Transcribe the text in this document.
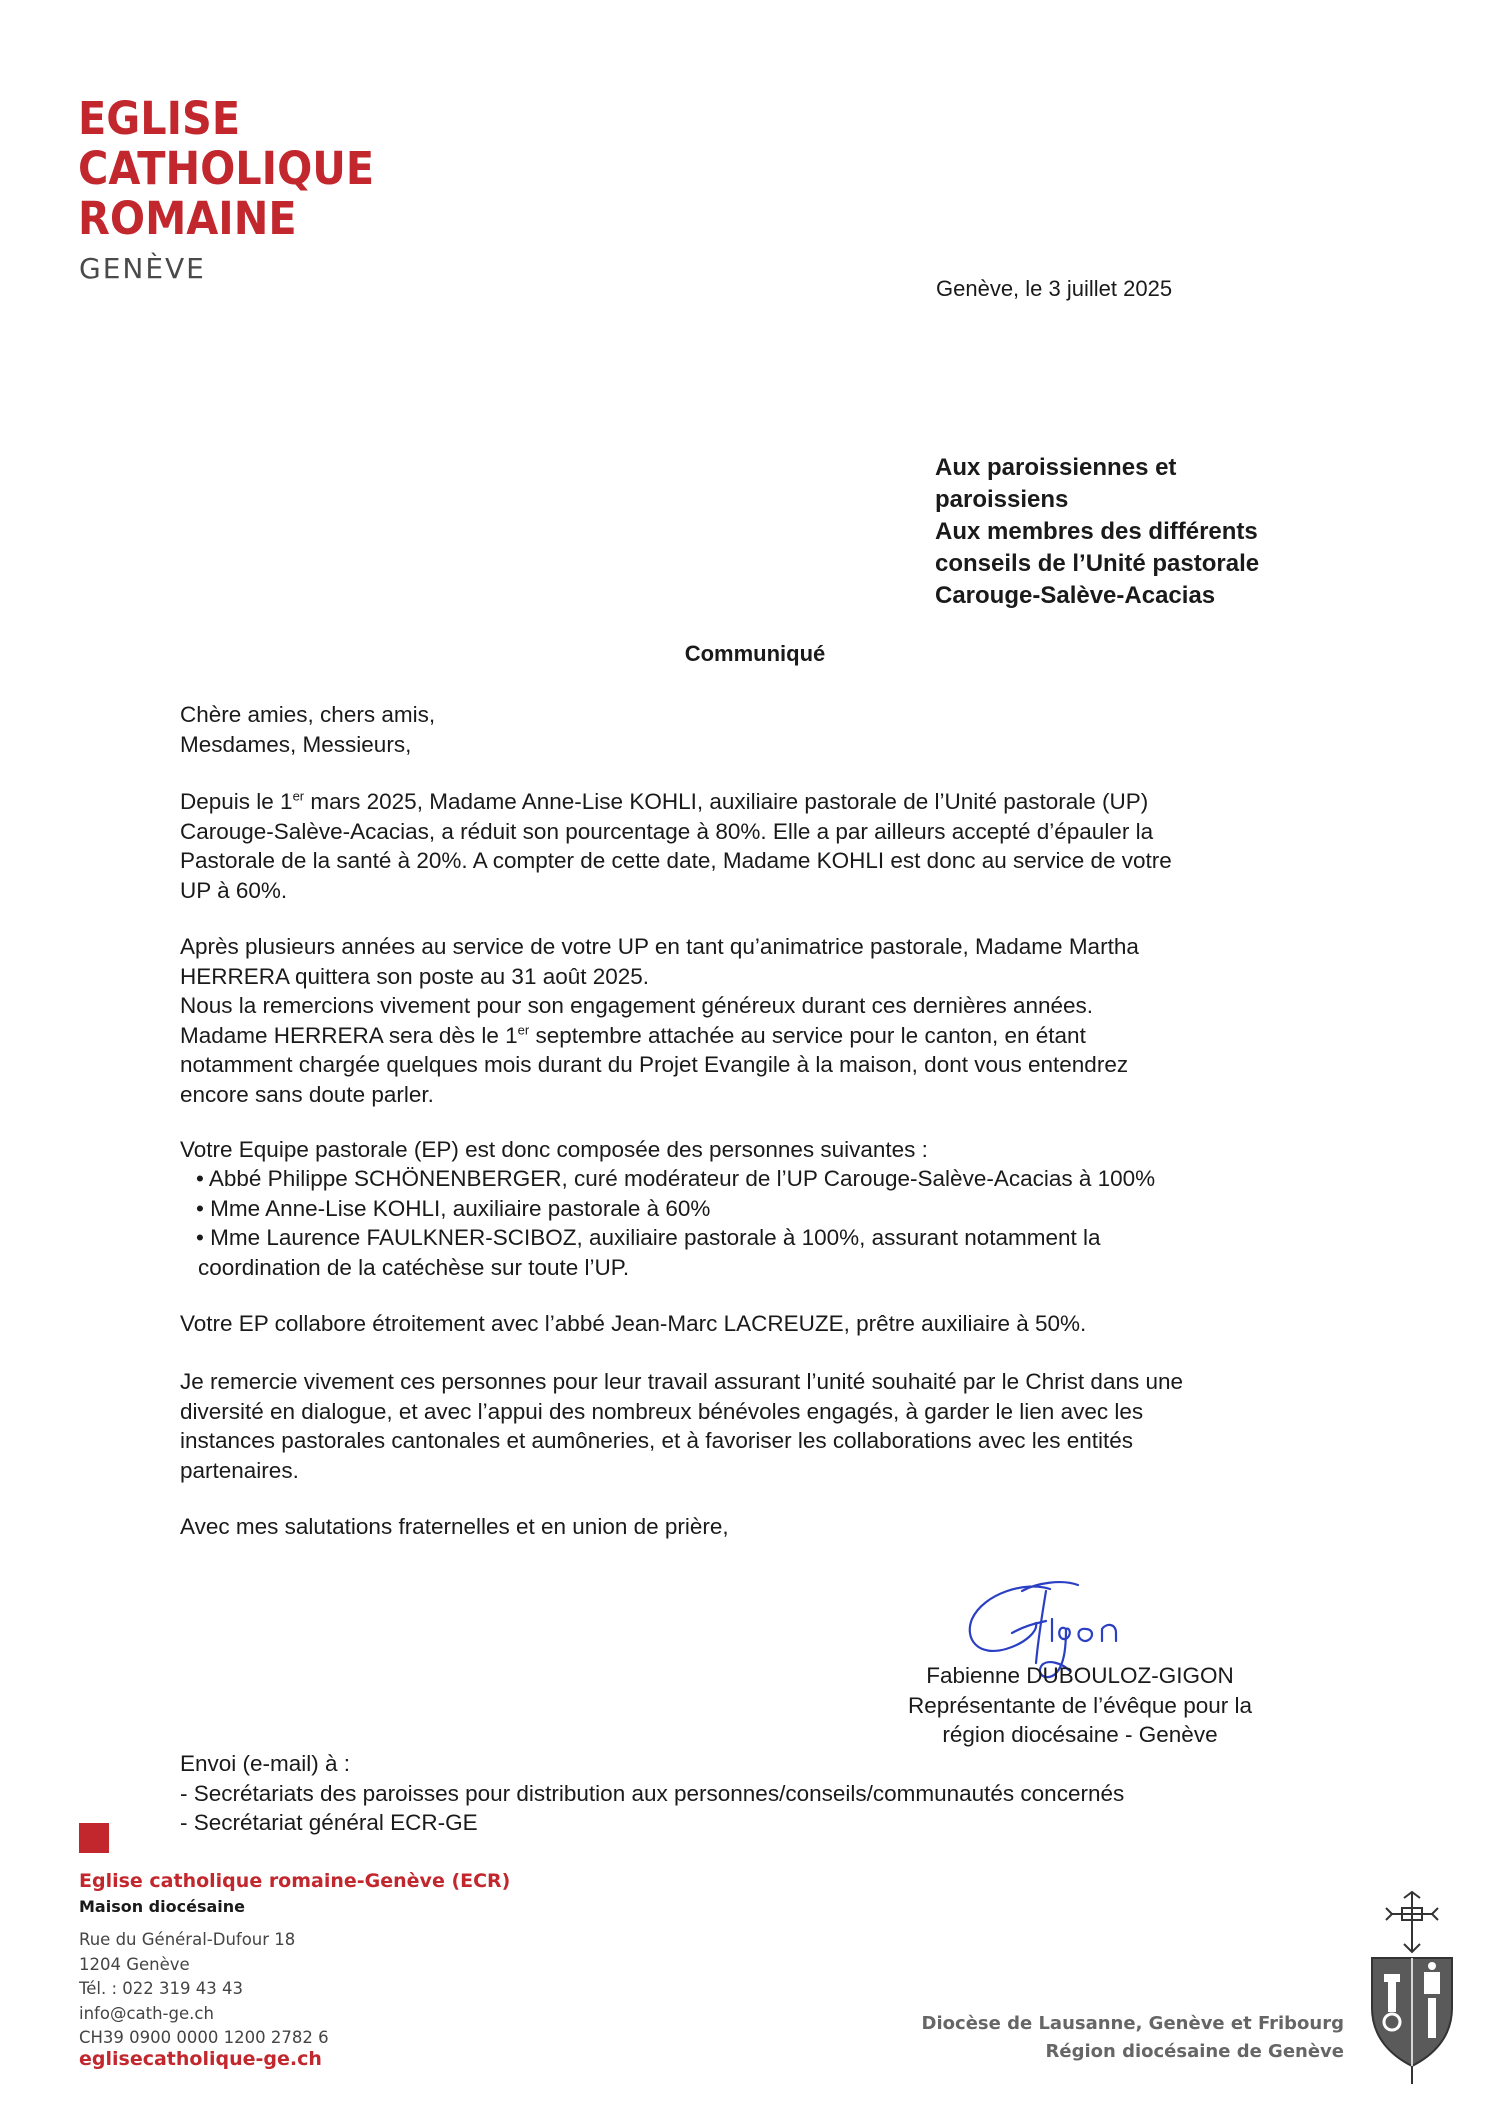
EGLISE
CATHOLIQUE
ROMAINE
GENÈVE
Genève, le 3 juillet 2025
Aux paroissiennes et
paroissiens
Aux membres des différents
conseils de l’Unité pastorale
Carouge-Salève-Acacias
Communiqué
Chère amies, chers amis,
Mesdames, Messieurs,
Depuis le 1er mars 2025, Madame Anne-Lise KOHLI, auxiliaire pastorale de l’Unité pastorale (UP)
Carouge-Salève-Acacias, a réduit son pourcentage à 80%. Elle a par ailleurs accepté d’épauler la
Pastorale de la santé à 20%. A compter de cette date, Madame KOHLI est donc au service de votre
UP à 60%.
Après plusieurs années au service de votre UP en tant qu’animatrice pastorale, Madame Martha
HERRERA quittera son poste au 31 août 2025.
Nous la remercions vivement pour son engagement généreux durant ces dernières années.
Madame HERRERA sera dès le 1er septembre attachée au service pour le canton, en étant
notamment chargée quelques mois durant du Projet Evangile à la maison, dont vous entendrez
encore sans doute parler.
Votre Equipe pastorale (EP) est donc composée des personnes suivantes :
• Abbé Philippe SCHÖNENBERGER, curé modérateur de l’UP Carouge-Salève-Acacias à 100%
• Mme Anne-Lise KOHLI, auxiliaire pastorale à 60%
• Mme Laurence FAULKNER-SCIBOZ, auxiliaire pastorale à 100%, assurant notamment la
coordination de la catéchèse sur toute l’UP.
Votre EP collabore étroitement avec l’abbé Jean-Marc LACREUZE, prêtre auxiliaire à 50%.
Je remercie vivement ces personnes pour leur travail assurant l’unité souhaité par le Christ dans une
diversité en dialogue, et avec l’appui des nombreux bénévoles engagés, à garder le lien avec les
instances pastorales cantonales et aumôneries, et à favoriser les collaborations avec les entités
partenaires.
Avec mes salutations fraternelles et en union de prière,
Fabienne DUBOULOZ-GIGON
Représentante de l’évêque pour la
région diocésaine - Genève
Envoi (e-mail) à :
- Secrétariats des paroisses pour distribution aux personnes/conseils/communautés concernés
- Secrétariat général ECR-GE
Eglise catholique romaine-Genève (ECR)
Maison diocésaine
Rue du Général-Dufour 18
1204 Genève
Tél. : 022 319 43 43
info@cath-ge.ch
CH39 0900 0000 1200 2782 6
eglisecatholique-ge.ch
Diocèse de Lausanne, Genève et Fribourg
Région diocésaine de Genève
